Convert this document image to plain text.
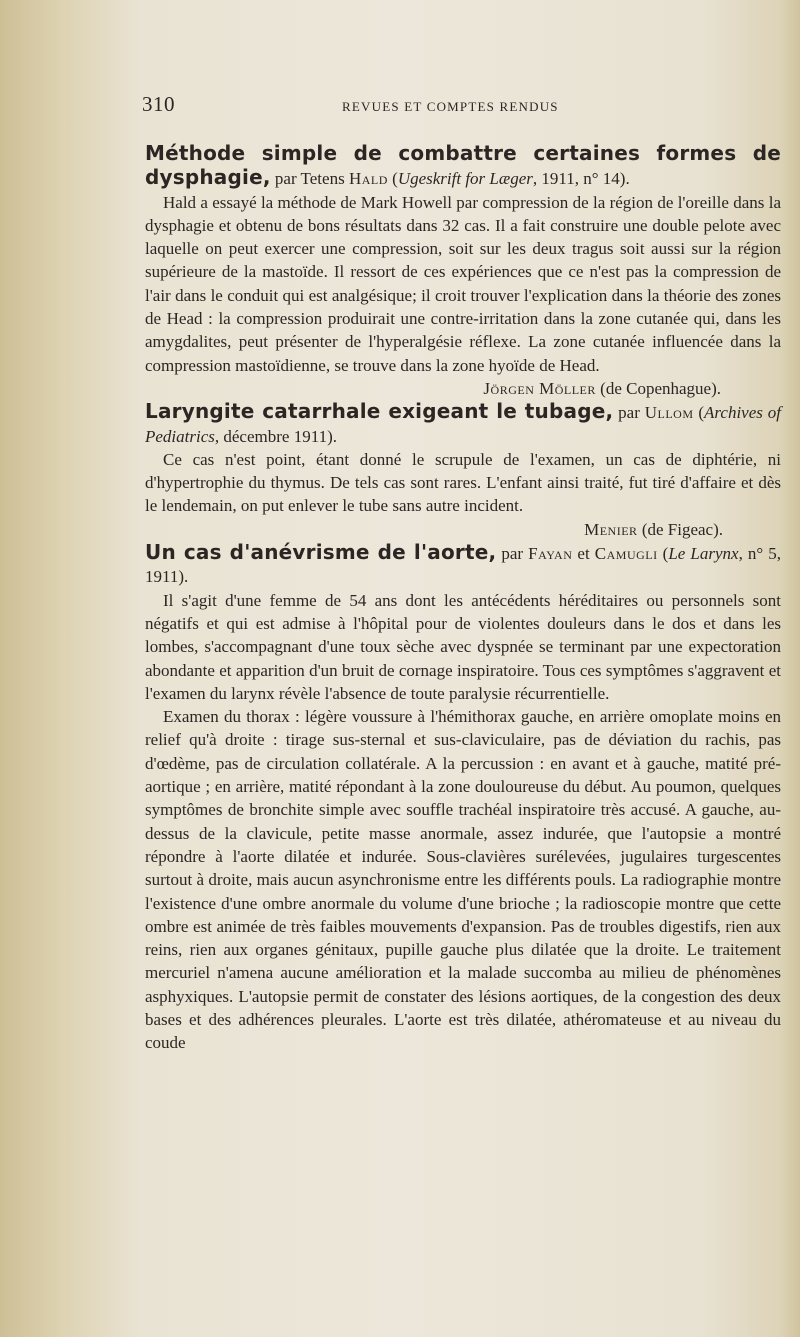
310	REVUES ET COMPTES RENDUS

Méthode simple de combattre certaines formes de dysphagie, par Tetens Hald (Ugeskrift for Læger, 1911, n° 14).

Hald a essayé la méthode de Mark Howell par compression de la région de l'oreille dans la dysphagie et obtenu de bons résultats dans 32 cas. Il a fait construire une double pelote avec laquelle on peut exercer une compression, soit sur les deux tragus soit aussi sur la région supérieure de la mastoïde. Il ressort de ces expériences que ce n'est pas la compression de l'air dans le conduit qui est analgésique; il croit trouver l'explication dans la théorie des zones de Head : la compression produirait une contre-irritation dans la zone cutanée qui, dans les amygdalites, peut présenter de l'hyperalgésie réflexe. La zone cutanée influencée dans la compression mastoïdienne, se trouve dans la zone hyoïde de Head.

Jörgen Möller (de Copenhague).

Laryngite catarrhale exigeant le tubage, par Ullom (Archives of Pediatrics, décembre 1911).

Ce cas n'est point, étant donné le scrupule de l'examen, un cas de diphtérie, ni d'hypertrophie du thymus. De tels cas sont rares. L'enfant ainsi traité, fut tiré d'affaire et dès le lendemain, on put enlever le tube sans autre incident.

Menier (de Figeac).

Un cas d'anévrisme de l'aorte, par Fayan et Camugli (Le Larynx, n° 5, 1911).

Il s'agit d'une femme de 54 ans dont les antécédents héréditaires ou personnels sont négatifs et qui est admise à l'hôpital pour de violentes douleurs dans le dos et dans les lombes, s'accompagnant d'une toux sèche avec dyspnée se terminant par une expectoration abondante et apparition d'un bruit de cornage inspiratoire. Tous ces symptômes s'aggravent et l'examen du larynx révèle l'absence de toute paralysie récurrentielle.

Examen du thorax : légère voussure à l'hémithorax gauche, en arrière omoplate moins en relief qu'à droite : tirage sus-sternal et sus-claviculaire, pas de déviation du rachis, pas d'œdème, pas de circulation collatérale. A la percussion : en avant et à gauche, matité pré-aortique ; en arrière, matité répondant à la zone douloureuse du début. Au poumon, quelques symptômes de bronchite simple avec souffle trachéal inspiratoire très accusé. A gauche, au-dessus de la clavicule, petite masse anormale, assez indurée, que l'autopsie a montré répondre à l'aorte dilatée et indurée. Sous-clavières surélevées, jugulaires turgescentes surtout à droite, mais aucun asynchronisme entre les différents pouls. La radiographie montre l'existence d'une ombre anormale du volume d'une brioche ; la radioscopie montre que cette ombre est animée de très faibles mouvements d'expansion. Pas de troubles digestifs, rien aux reins, rien aux organes génitaux, pupille gauche plus dilatée que la droite. Le traitement mercuriel n'amena aucune amélioration et la malade succomba au milieu de phénomènes asphyxiques. L'autopsie permit de constater des lésions aortiques, de la congestion des deux bases et des adhérences pleurales. L'aorte est très dilatée, athéromateuse et au niveau du coude
